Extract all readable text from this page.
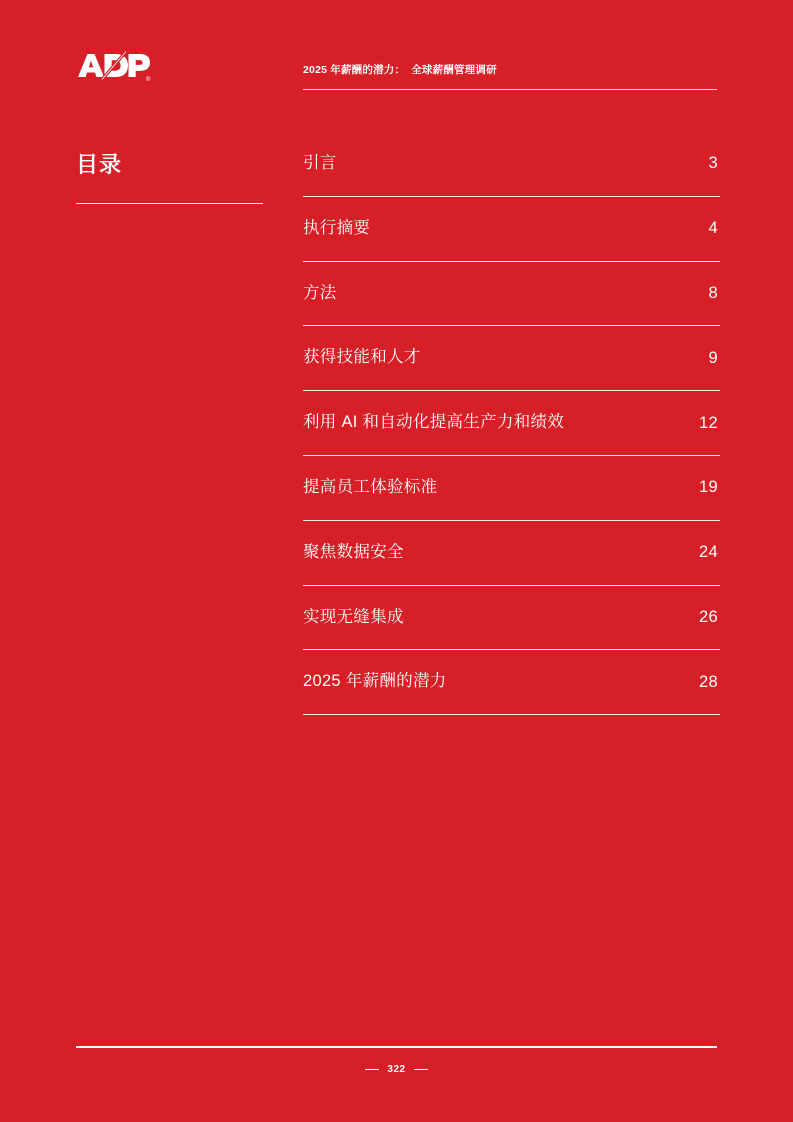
®
2025 年薪酬的潜力： 全球薪酬管理调研
目录	引言	3
执行摘要	4
方法	8
获得技能和人才	9
利用 AI 和自动化提高生产力和绩效	12
提高员工体验标准	19
聚焦数据安全	24
实现无缝集成	26
2025 年薪酬的潜力	28
322
